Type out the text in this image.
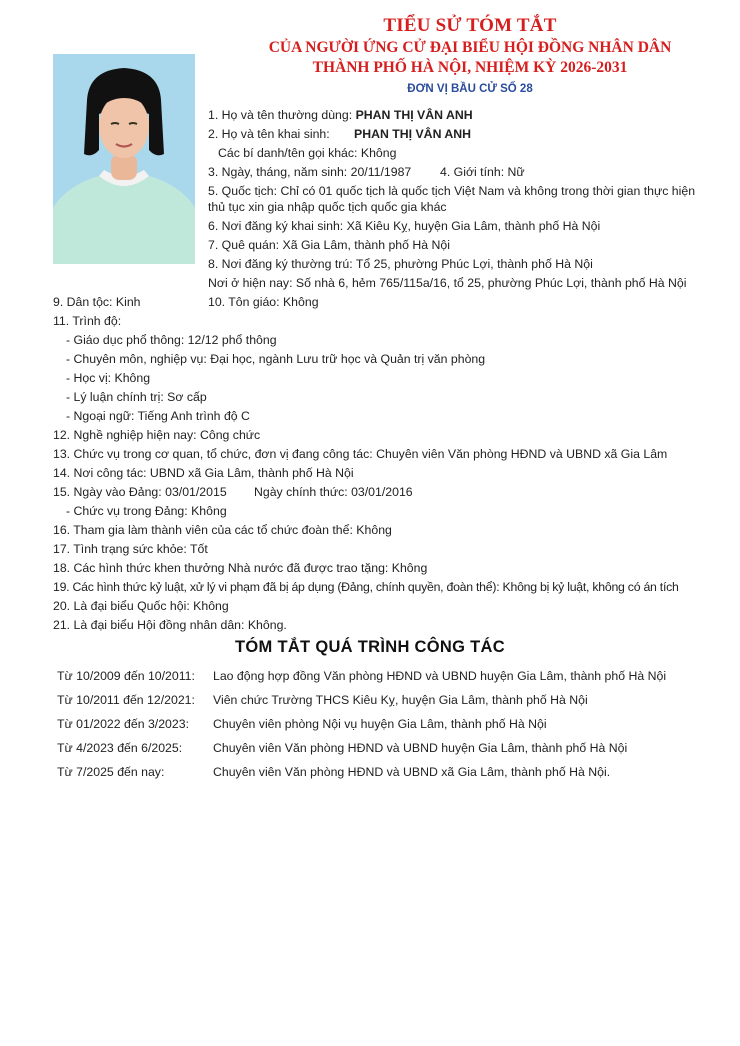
TIỂU SỬ TÓM TẮT
CỦA NGƯỜI ỨNG CỬ ĐẠI BIỂU HỘI ĐỒNG NHÂN DÂN
THÀNH PHỐ HÀ NỘI, NHIỆM KỲ 2026-2031
ĐƠN VỊ BẦU CỬ SỐ 28
1. Họ và tên thường dùng: PHAN THỊ VÂN ANH
2. Họ và tên khai sinh: PHAN THỊ VÂN ANH
Các bí danh/tên gọi khác: Không
3. Ngày, tháng, năm sinh: 20/11/1987 4. Giới tính: Nữ
5. Quốc tịch: Chỉ có 01 quốc tịch là quốc tịch Việt Nam và không trong thời gian thực hiện
thủ tục xin gia nhập quốc tịch quốc gia khác
6. Nơi đăng ký khai sinh: Xã Kiêu Kỵ, huyện Gia Lâm, thành phố Hà Nội
7. Quê quán: Xã Gia Lâm, thành phố Hà Nội
8. Nơi đăng ký thường trú: Tổ 25, phường Phúc Lợi, thành phố Hà Nội
Nơi ở hiện nay: Số nhà 6, hẻm 765/115a/16, tổ 25, phường Phúc Lợi, thành phố Hà Nội
9. Dân tộc: Kinh	10. Tôn giáo: Không
11. Trình độ:
- Giáo dục phổ thông: 12/12 phổ thông
- Chuyên môn, nghiệp vụ: Đại học, ngành Lưu trữ học và Quản trị văn phòng
- Học vị: Không
- Lý luận chính trị: Sơ cấp
- Ngoại ngữ: Tiếng Anh trình độ C
12. Nghề nghiệp hiện nay: Công chức
13. Chức vụ trong cơ quan, tổ chức, đơn vị đang công tác: Chuyên viên Văn phòng HĐND và UBND xã Gia Lâm
14. Nơi công tác: UBND xã Gia Lâm, thành phố Hà Nội
15. Ngày vào Đảng: 03/01/2015 Ngày chính thức: 03/01/2016
- Chức vụ trong Đảng: Không
16. Tham gia làm thành viên của các tổ chức đoàn thể: Không
17. Tình trạng sức khỏe: Tốt
18. Các hình thức khen thưởng Nhà nước đã được trao tặng: Không
19. Các hình thức kỷ luật, xử lý vi phạm đã bị áp dụng (Đảng, chính quyền, đoàn thể): Không bị kỷ luật, không có án tích
20. Là đại biểu Quốc hội: Không
21. Là đại biểu Hội đồng nhân dân: Không.
TÓM TẮT QUÁ TRÌNH CÔNG TÁC
Từ 10/2009 đến 10/2011: Lao động hợp đồng Văn phòng HĐND và UBND huyện Gia Lâm, thành phố Hà Nội
Từ 10/2011 đến 12/2021: Viên chức Trường THCS Kiêu Kỵ, huyện Gia Lâm, thành phố Hà Nội
Từ 01/2022 đến 3/2023: Chuyên viên phòng Nội vụ huyện Gia Lâm, thành phố Hà Nội
Từ 4/2023 đến 6/2025:	Chuyên viên Văn phòng HĐND và UBND huyện Gia Lâm, thành phố Hà Nội
Từ 7/2025 đến nay:	Chuyên viên Văn phòng HĐND và UBND xã Gia Lâm, thành phố Hà Nội.
